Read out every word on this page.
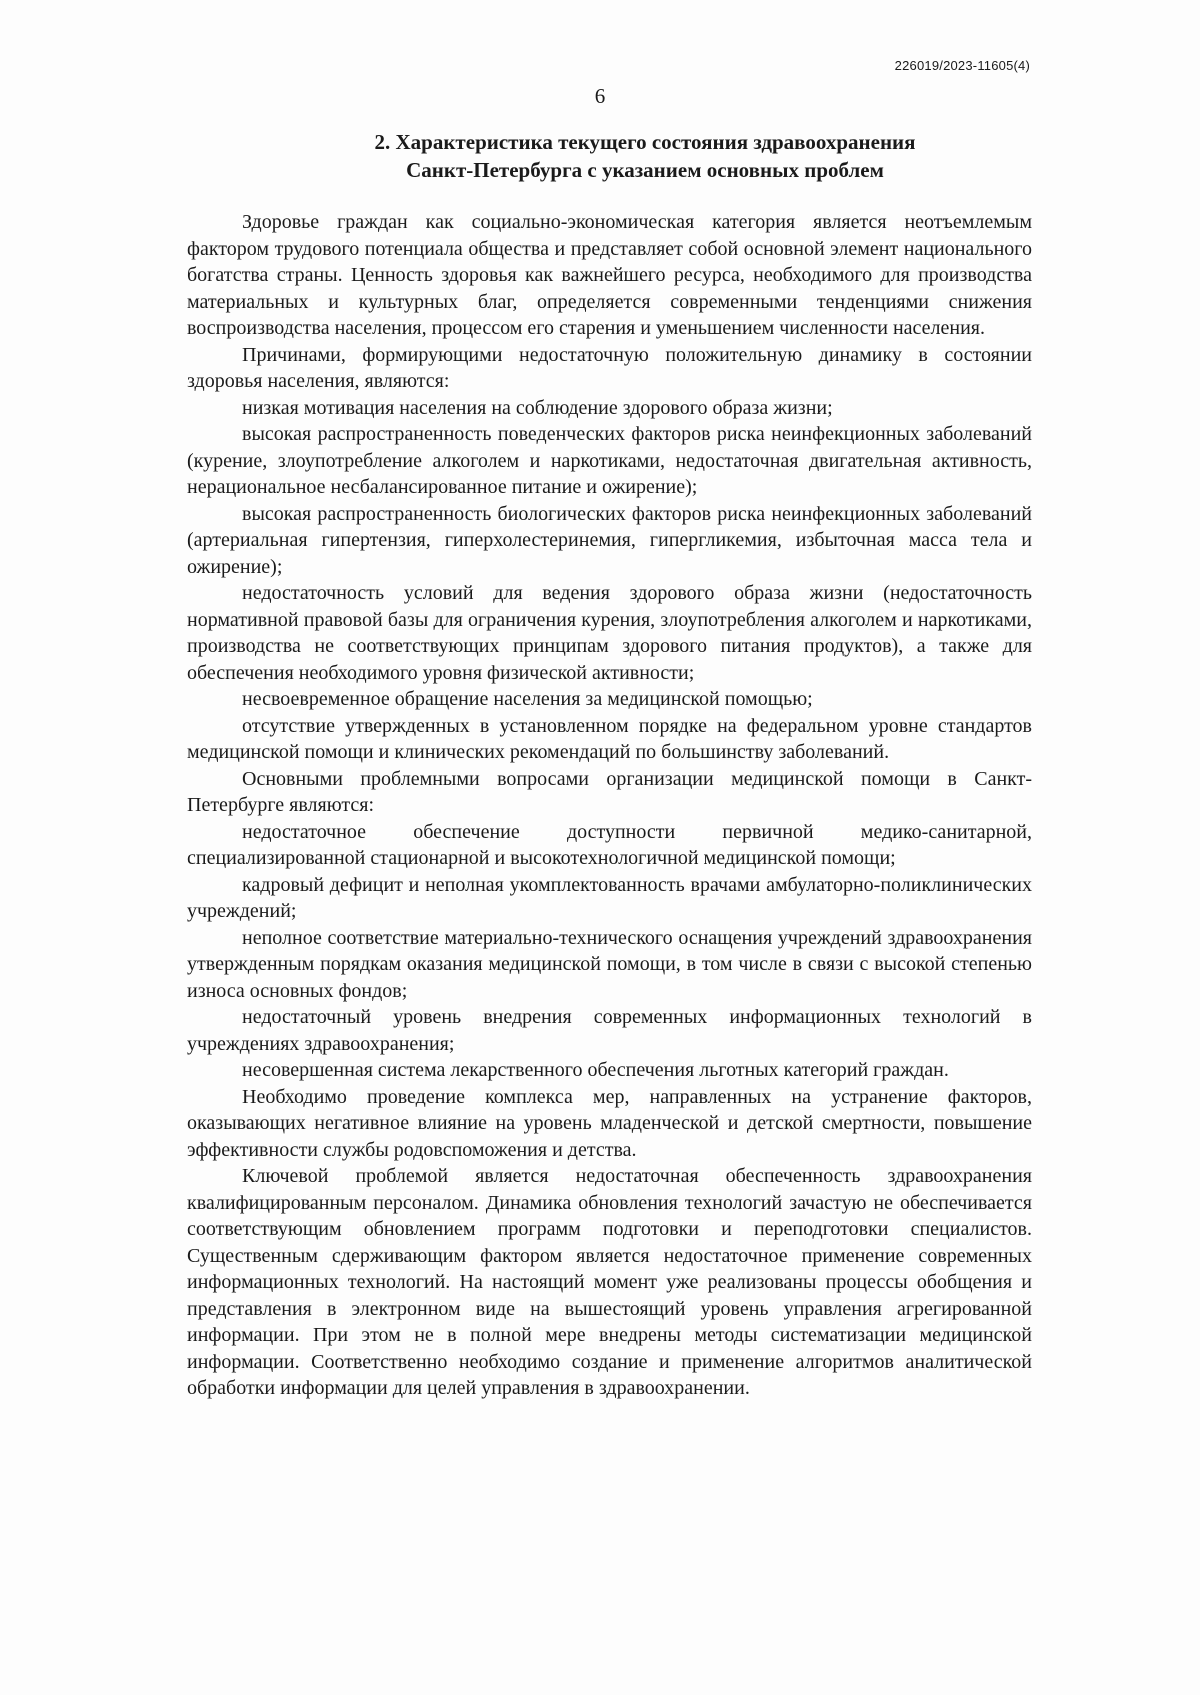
226019/2023-11605(4)
6
2. Характеристика текущего состояния здравоохранения
Санкт-Петербурга с указанием основных проблем

Здоровье граждан как социально-экономическая категория является неотъемлемым фактором трудового потенциала общества и представляет собой основной элемент национального богатства страны. Ценность здоровья как важнейшего ресурса, необходимого для производства материальных и культурных благ, определяется современными тенденциями снижения воспроизводства населения, процессом его старения и уменьшением численности населения.

Причинами, формирующими недостаточную положительную динамику в состоянии здоровья населения, являются:

низкая мотивация населения на соблюдение здорового образа жизни;

высокая распространенность поведенческих факторов риска неинфекционных заболеваний (курение, злоупотребление алкоголем и наркотиками, недостаточная двигательная активность, нерациональное несбалансированное питание и ожирение);

высокая распространенность биологических факторов риска неинфекционных заболеваний (артериальная гипертензия, гиперхолестеринемия, гипергликемия, избыточная масса тела и ожирение);

недостаточность условий для ведения здорового образа жизни (недостаточность нормативной правовой базы для ограничения курения, злоупотребления алкоголем и наркотиками, производства не соответствующих принципам здорового питания продуктов), а также для обеспечения необходимого уровня физической активности;

несвоевременное обращение населения за медицинской помощью;

отсутствие утвержденных в установленном порядке на федеральном уровне стандартов медицинской помощи и клинических рекомендаций по большинству заболеваний.

Основными проблемными вопросами организации медицинской помощи в Санкт-Петербурге являются:

недостаточное обеспечение доступности первичной медико-санитарной, специализированной стационарной и высокотехнологичной медицинской помощи;

кадровый дефицит и неполная укомплектованность врачами амбулаторно-поликлинических учреждений;

неполное соответствие материально-технического оснащения учреждений здравоохранения утвержденным порядкам оказания медицинской помощи, в том числе в связи с высокой степенью износа основных фондов;

недостаточный уровень внедрения современных информационных технологий в учреждениях здравоохранения;

несовершенная система лекарственного обеспечения льготных категорий граждан.

Необходимо проведение комплекса мер, направленных на устранение факторов, оказывающих негативное влияние на уровень младенческой и детской смертности, повышение эффективности службы родовспоможения и детства.

Ключевой проблемой является недостаточная обеспеченность здравоохранения квалифицированным персоналом. Динамика обновления технологий зачастую не обеспечивается соответствующим обновлением программ подготовки и переподготовки специалистов. Существенным сдерживающим фактором является недостаточное применение современных информационных технологий. На настоящий момент уже реализованы процессы обобщения и представления в электронном виде на вышестоящий уровень управления агрегированной информации. При этом не в полной мере внедрены методы систематизации медицинской информации. Соответственно необходимо создание и применение алгоритмов аналитической обработки информации для целей управления в здравоохранении.
